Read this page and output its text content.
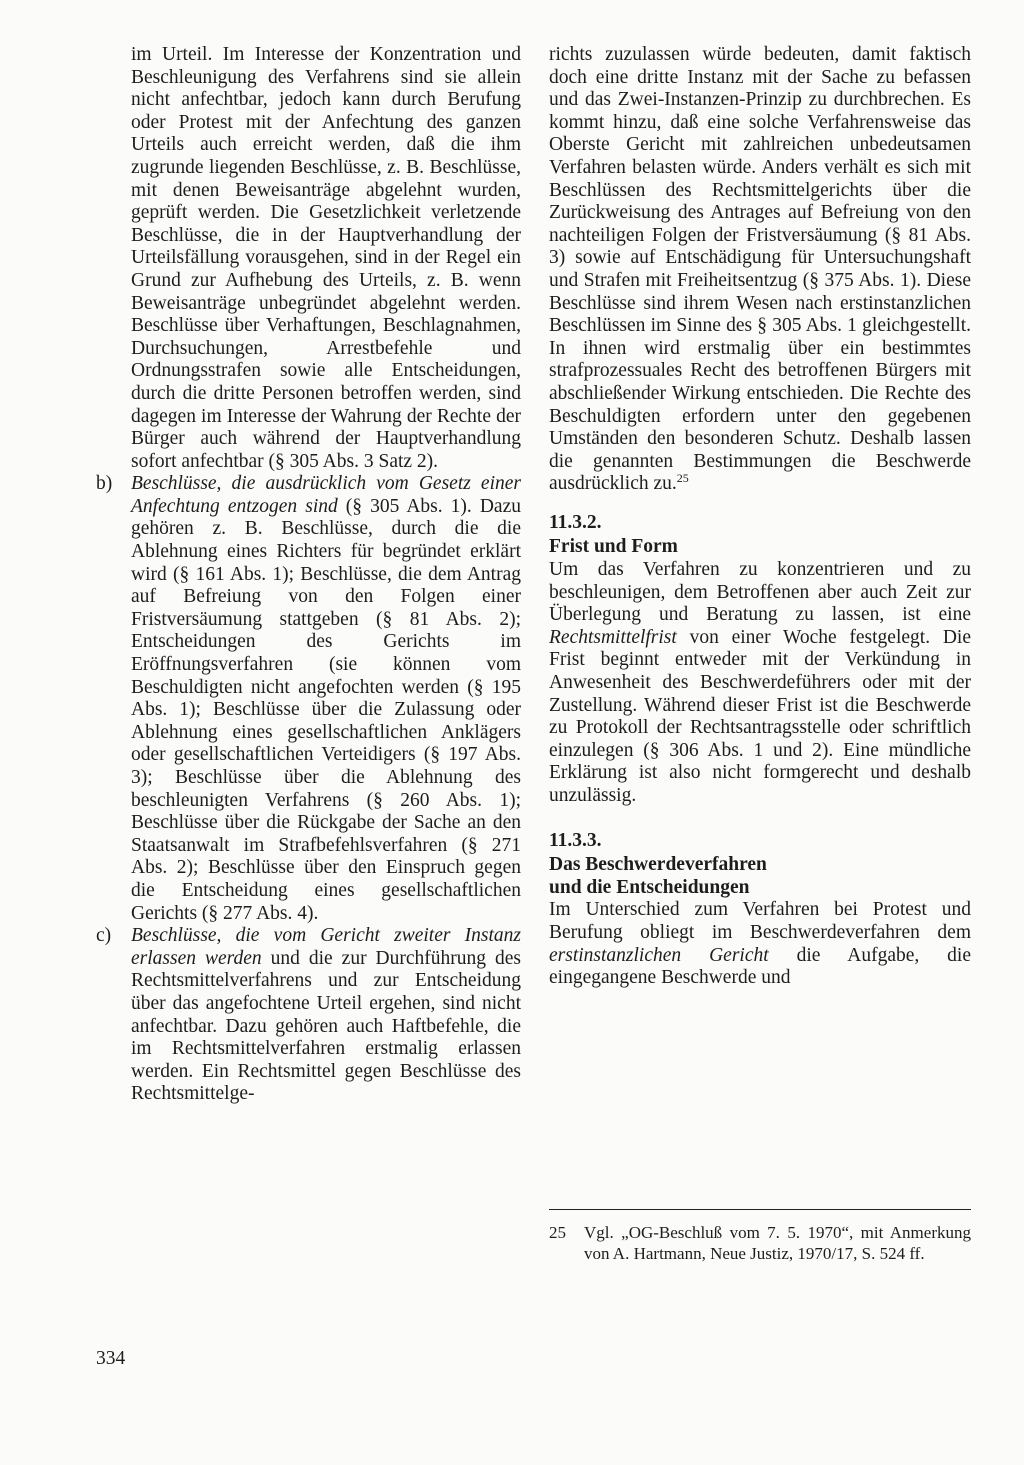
im Urteil. Im Interesse der Konzentration und Beschleunigung des Verfahrens sind sie allein nicht anfechtbar, jedoch kann durch Berufung oder Protest mit der Anfechtung des ganzen Urteils auch erreicht werden, daß die ihm zugrunde liegenden Beschlüsse, z. B. Beschlüsse, mit denen Beweisanträge abgelehnt wurden, geprüft werden. Die Gesetzlichkeit verletzende Beschlüsse, die in der Hauptverhandlung der Urteilsfällung vorausgehen, sind in der Regel ein Grund zur Aufhebung des Urteils, z. B. wenn Beweisanträge unbegründet abgelehnt werden. Beschlüsse über Verhaftungen, Beschlagnahmen, Durchsuchungen, Arrestbefehle und Ordnungsstrafen sowie alle Entscheidungen, durch die dritte Personen betroffen werden, sind dagegen im Interesse der Wahrung der Rechte der Bürger auch während der Hauptverhandlung sofort anfechtbar (§ 305 Abs. 3 Satz 2).

b) Beschlüsse, die ausdrücklich vom Gesetz einer Anfechtung entzogen sind (§ 305 Abs. 1). Dazu gehören z. B. Beschlüsse, durch die die Ablehnung eines Richters für begründet erklärt wird (§ 161 Abs. 1); Beschlüsse, die dem Antrag auf Befreiung von den Folgen einer Fristversäumung stattgeben (§ 81 Abs. 2); Entscheidungen des Gerichts im Eröffnungsverfahren (sie können vom Beschuldigten nicht angefochten werden (§ 195 Abs. 1); Beschlüsse über die Zulassung oder Ablehnung eines gesellschaftlichen Anklägers oder gesellschaftlichen Verteidigers (§ 197 Abs. 3); Beschlüsse über die Ablehnung des beschleunigten Verfahrens (§ 260 Abs. 1); Beschlüsse über die Rückgabe der Sache an den Staatsanwalt im Strafbefehlsverfahren (§ 271 Abs. 2); Beschlüsse über den Einspruch gegen die Entscheidung eines gesellschaftlichen Gerichts (§ 277 Abs. 4).
c) Beschlüsse, die vom Gericht zweiter Instanz erlassen werden und die zur Durchführung des Rechtsmittelverfahrens und zur Entscheidung über das angefochtene Urteil ergehen, sind nicht anfechtbar. Dazu gehören auch Haftbefehle, die im Rechtsmittelverfahren erstmalig erlassen werden. Ein Rechtsmittel gegen Beschlüsse des Rechtsmittelge-

richts zuzulassen würde bedeuten, damit faktisch doch eine dritte Instanz mit der Sache zu befassen und das Zwei-Instanzen-Prinzip zu durchbrechen. Es kommt hinzu, daß eine solche Verfahrensweise das Oberste Gericht mit zahlreichen unbedeutsamen Verfahren belasten würde. Anders verhält es sich mit Beschlüssen des Rechtsmittelgerichts über die Zurückweisung des Antrages auf Befreiung von den nachteiligen Folgen der Fristversäumung (§ 81 Abs. 3) sowie auf Entschädigung für Untersuchungshaft und Strafen mit Freiheitsentzug (§ 375 Abs. 1). Diese Beschlüsse sind ihrem Wesen nach erstinstanzlichen Beschlüssen im Sinne des § 305 Abs. 1 gleichgestellt. In ihnen wird erstmalig über ein bestimmtes strafprozessuales Recht des betroffenen Bürgers mit abschließender Wirkung entschieden. Die Rechte des Beschuldigten erfordern unter den gegebenen Umständen den besonderen Schutz. Deshalb lassen die genannten Bestimmungen die Beschwerde ausdrücklich zu.$^{25}$

11.3.2.
Frist und Form

Um das Verfahren zu konzentrieren und zu beschleunigen, dem Betroffenen aber auch Zeit zur Überlegung und Beratung zu lassen, ist eine Rechtsmittelfrist von einer Woche festgelegt. Die Frist beginnt entweder mit der Verkündung in Anwesenheit des Beschwerdeführers oder mit der Zustellung. Während dieser Frist ist die Beschwerde zu Protokoll der Rechtsantragsstelle oder schriftlich einzulegen (§ 306 Abs. 1 und 2). Eine mündliche Erklärung ist also nicht formgerecht und deshalb unzulässig.

11.3.3.
Das Beschwerdeverfahren
und die Entscheidungen

Im Unterschied zum Verfahren bei Protest und Berufung obliegt im Beschwerdeverfahren dem erstinstanzlichen Gericht die Aufgabe, die eingegangene Beschwerde und

25	Vgl. „OG-Beschluß vom 7. 5. 1970“, mit Anmerkung von A. Hartmann, Neue Justiz, 1970/17, S. 524 ff.
334
